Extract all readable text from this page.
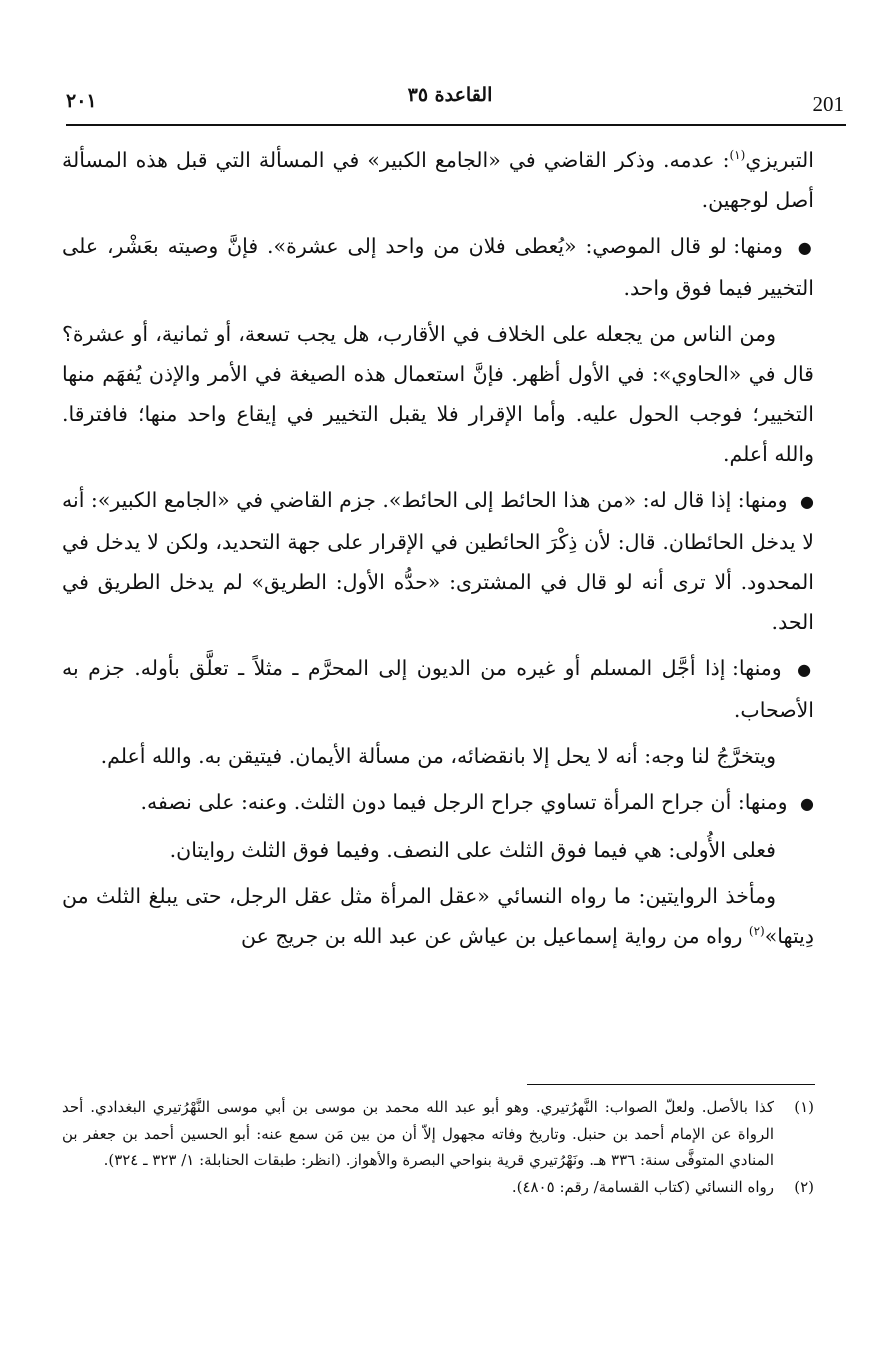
201
القاعدة ٣٥
٢٠١

التبريزي$^{(١)}$: عدمه. وذكر القاضي في «الجامع الكبير» في المسألة التي قبل هذه المسألة أصل لوجهين.

● ومنها: لو قال الموصي: «يُعطى فلان من واحد إلى عشرة». فإنَّ وصيته بعَشْر، على التخيير فيما فوق واحد.

ومن الناس من يجعله على الخلاف في الأقارب، هل يجب تسعة، أو ثمانية، أو عشرة؟ قال في «الحاوي»: في الأول أظهر. فإنَّ استعمال هذه الصيغة في الأمر والإذن يُفهَم منها التخيير؛ فوجب الحول عليه. وأما الإقرار فلا يقبل التخيير في إيقاع واحد منها؛ فافترقا. والله أعلم.

● ومنها: إذا قال له: «من هذا الحائط إلى الحائط». جزم القاضي في «الجامع الكبير»: أنه لا يدخل الحائطان. قال: لأن ذِكْرَ الحائطين في الإقرار على جهة التحديد، ولكن لا يدخل في المحدود. ألا ترى أنه لو قال في المشترى: «حدُّه الأول: الطريق» لم يدخل الطريق في الحد.

● ومنها: إذا أجَّل المسلم أو غيره من الديون إلى المحرَّم ـ مثلاً ـ تعلَّق بأوله. جزم به الأصحاب.

ويتخرَّجُ لنا وجه: أنه لا يحل إلا بانقضائه، من مسألة الأيمان. فيتيقن به. والله أعلم.

● ومنها: أن جراح المرأة تساوي جراح الرجل فيما دون الثلث. وعنه: على نصفه.

فعلى الأُولى: هي فيما فوق الثلث على النصف. وفيما فوق الثلث روايتان.

ومأخذ الروايتين: ما رواه النسائي «عقل المرأة مثل عقل الرجل، حتى يبلغ الثلث من دِيتها»$^{(٢)}$ رواه من رواية إسماعيل بن عياش عن عبد الله بن جريج عن

(١)
كذا بالأصل. ولعلّ الصواب: النَّهرُتيري. وهو أبو عبد الله محمد بن موسى بن أبي موسى النَّهْرُتيري البغدادي. أحد الرواة عن الإمام أحمد بن حنبل. وتاريخ وفاته مجهول إلاّ أن من بين مَن سمع عنه: أبو الحسين أحمد بن جعفر بن المنادي المتوفَّى سنة: ٣٣٦ هـ. ونَهْرُتيري قرية بنواحي البصرة والأهواز. (انظر: طبقات الحنابلة: ١/ ٣٢٣ ـ ٣٢٤).
(٢)
رواه النسائي (كتاب القسامة/ رقم: ٤٨٠٥).
